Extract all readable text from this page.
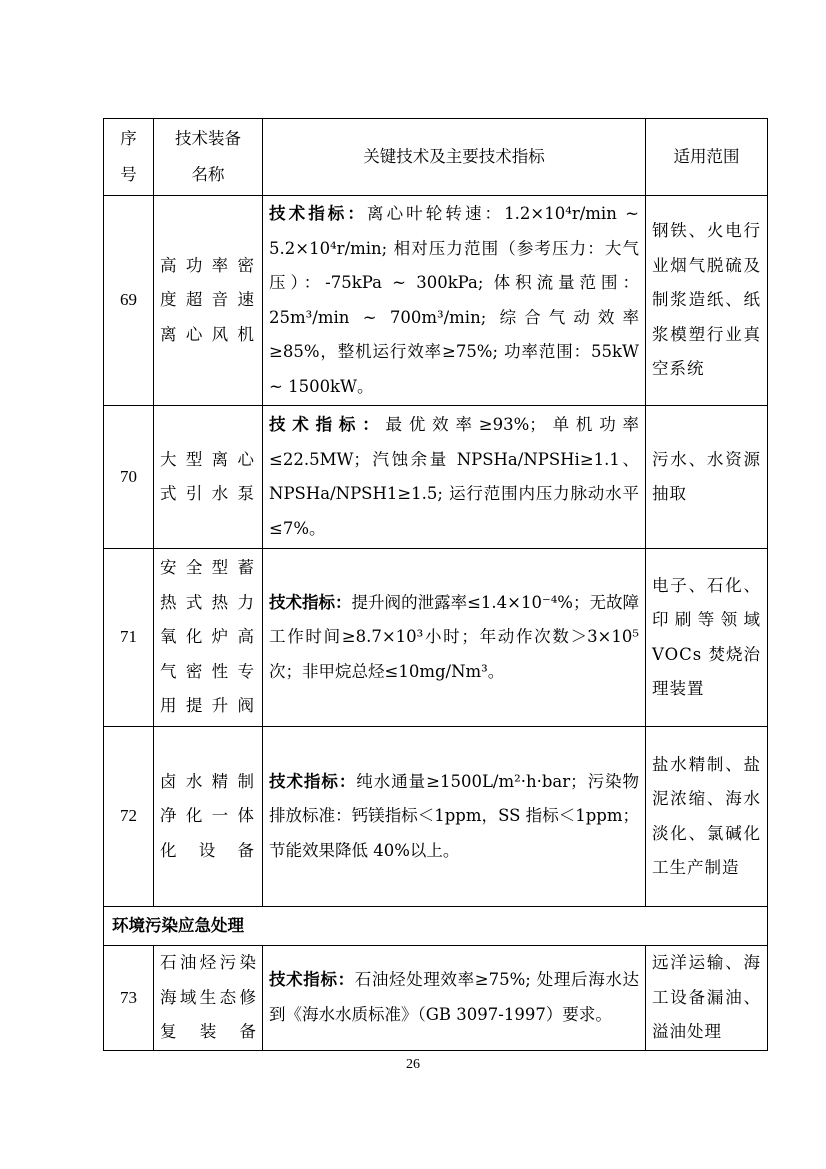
序
号	技术装备
名称	关键技术及主要技术指标	适用范围
69	高功率密
度超音速
离心风机	技术指标：离心叶轮转速：1.2×10⁴r/min ~ 5.2×10⁴r/min; 相对压力范围（参考压力：大气压）：-75kPa ~ 300kPa; 体积流量范围：25m³/min ~ 700m³/min; 综合气动效率≥85%，整机运行效率≥75%; 功率范围：55kW ~ 1500kW。	钢铁、火电行业烟气脱硫及制浆造纸、纸浆模塑行业真空系统
70	大型离心
式引水泵	技术指标：最优效率≥93%；单机功率≤22.5MW；汽蚀余量 NPSHa/NPSHi≥1.1、NPSHa/NPSH1≥1.5; 运行范围内压力脉动水平≤7%。	污水、水资源抽取
71	安全型蓄
热式热力
氧化炉高
气密性专
用提升阀	技术指标：提升阀的泄露率≤1.4×10⁻⁴%；无故障工作时间≥8.7×10³小时；年动作次数＞3×10⁵次；非甲烷总烃≤10mg/Nm³。	电子、石化、印刷等领域VOCs 焚烧治理装置
72	卤水精制
净化一体
化设备	技术指标：纯水通量≥1500L/m²·h·bar；污染物排放标准：钙镁指标＜1ppm，SS 指标＜1ppm；节能效果降低 40%以上。	盐水精制、盐泥浓缩、海水淡化、氯碱化工生产制造
环境污染应急处理			
73	石油烃污染
海域生态修
复装备	技术指标：石油烃处理效率≥75%; 处理后海水达到《海水水质标准》（GB 3097-1997）要求。	远洋运输、海工设备漏油、溢油处理
26
